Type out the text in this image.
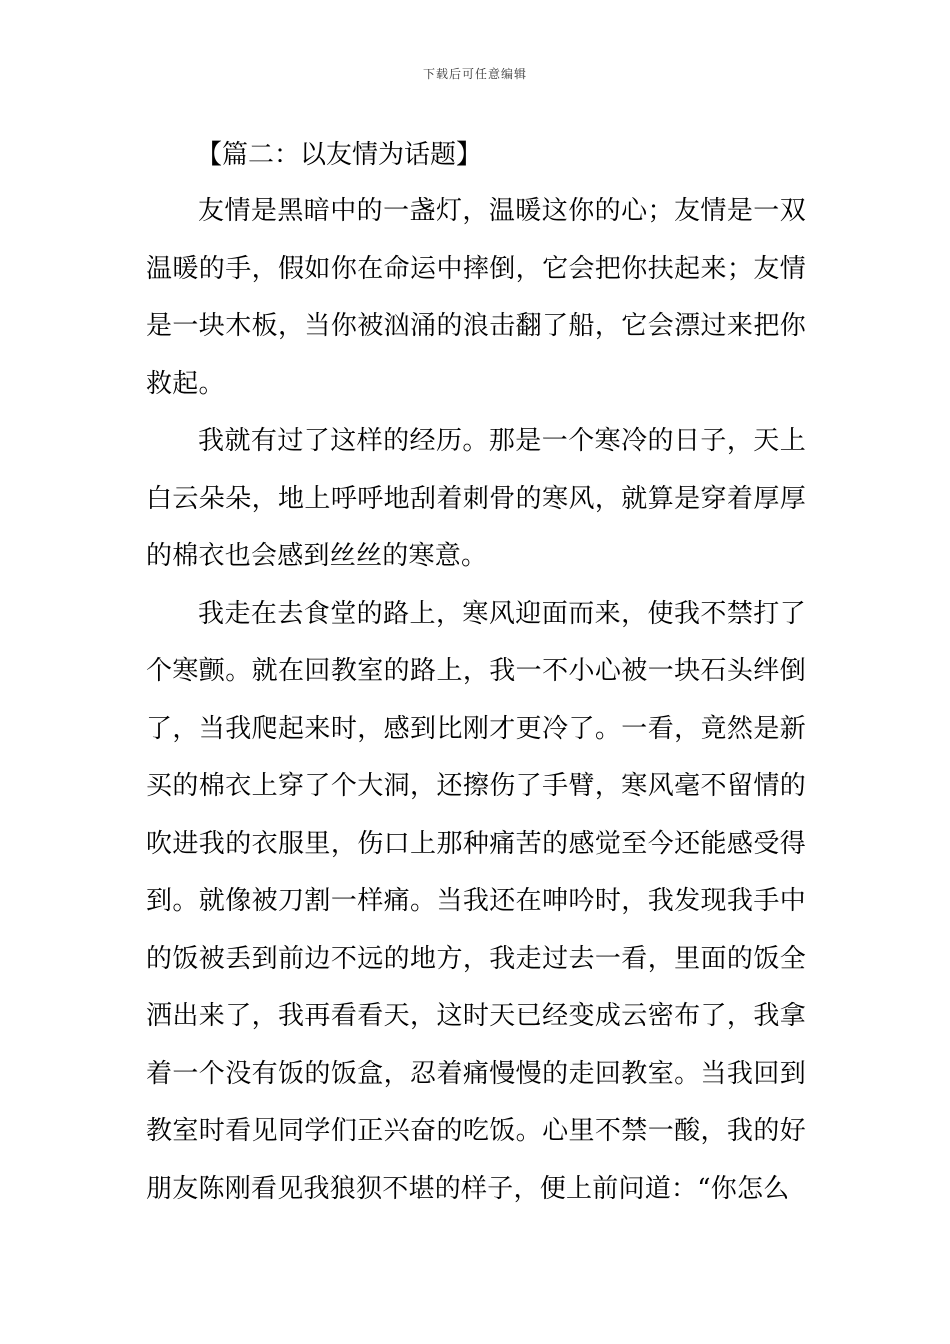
下载后可任意编辑
【篇二：以友情为话题】

友情是黑暗中的一盏灯，温暖这你的心；友情是一双温暖的手，假如你在命运中摔倒，它会把你扶起来；友情是一块木板，当你被汹涌的浪击翻了船，它会漂过来把你救起。

我就有过了这样的经历。那是一个寒冷的日子，天上白云朵朵，地上呼呼地刮着刺骨的寒风，就算是穿着厚厚的棉衣也会感到丝丝的寒意。

我走在去食堂的路上，寒风迎面而来，使我不禁打了个寒颤。就在回教室的路上，我一不小心被一块石头绊倒了，当我爬起来时，感到比刚才更冷了。一看，竟然是新买的棉衣上穿了个大洞，还擦伤了手臂，寒风毫不留情的吹进我的衣服里，伤口上那种痛苦的感觉至今还能感受得到。就像被刀割一样痛。当我还在呻吟时，我发现我手中的饭被丢到前边不远的地方，我走过去一看，里面的饭全洒出来了，我再看看天，这时天已经变成云密布了，我拿着一个没有饭的饭盒，忍着痛慢慢的走回教室。当我回到教室时看见同学们正兴奋的吃饭。心里不禁一酸，我的好朋友陈刚看见我狼狈不堪的样子，便上前问道：“你怎么
